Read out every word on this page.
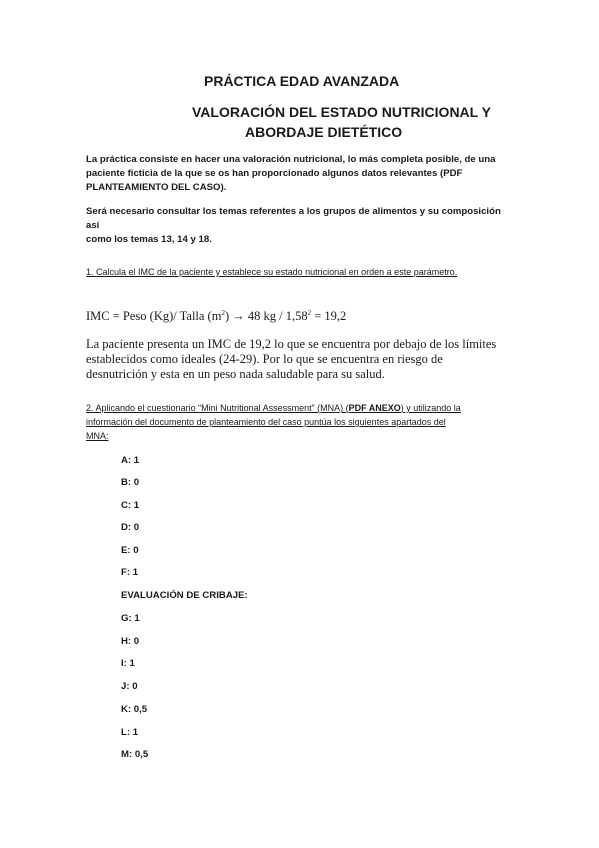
PRÁCTICA EDAD AVANZADA
VALORACIÓN DEL ESTADO NUTRICIONAL Y
ABORDAJE DIETÉTICO
La práctica consiste en hacer una valoración nutricional, lo más completa posible, de una
paciente ficticia de la que se os han proporcionado algunos datos relevantes (PDF
PLANTEAMIENTO DEL CASO).
Será necesario consultar los temas referentes a los grupos de alimentos y su composición así
como los temas 13, 14 y 18.
1. Calcula el IMC de la paciente y establece su estado nutricional en orden a este parámetro.
IMC = Peso (Kg)/ Talla $(m^2) \to 48$ kg / $1,58^2 = 19,2$
La paciente presenta un IMC de 19,2 lo que se encuentra por debajo de los límites
establecidos como ideales (24-29). Por lo que se encuentra en riesgo de
desnutrición y esta en un peso nada saludable para su salud.
2. Aplicando el cuestionario “Mini Nutritional Assessment” (MNA) (PDF ANEXO) y utilizando la
información del documento de planteamiento del caso puntúa los siguientes apartados del
MNA:
A: 1
B: 0
C: 1
D: 0
E: 0
F: 1
EVALUACIÓN DE CRIBAJE:
G: 1
H: 0
I: 1
J: 0
K: 0,5
L: 1
M: 0,5
